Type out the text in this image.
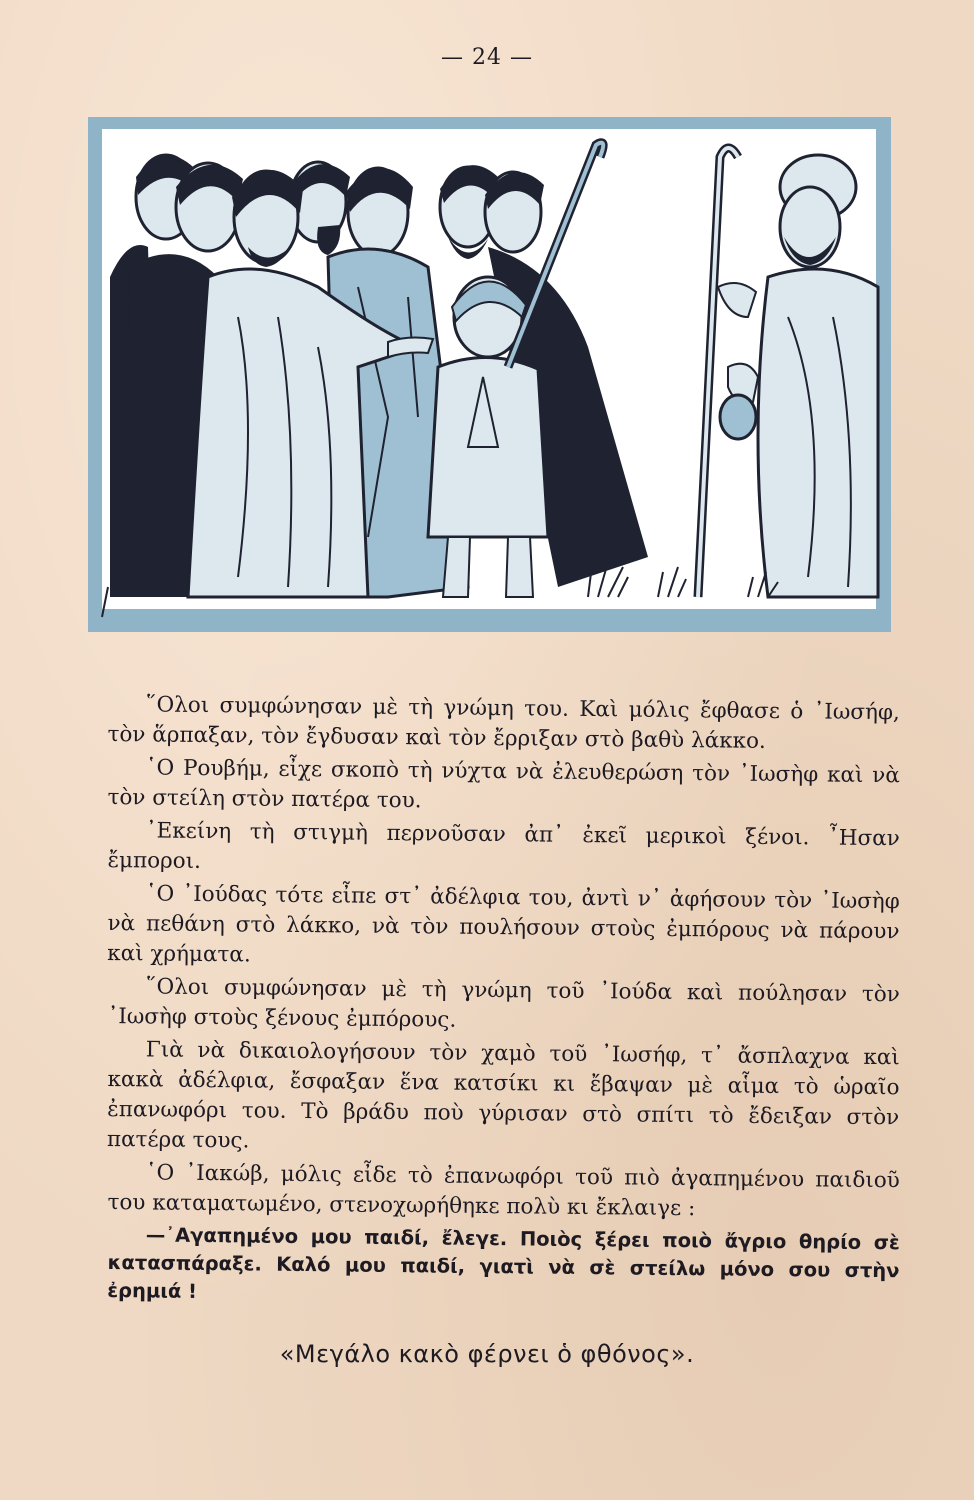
— 24 —

῞Ολοι συμφώνησαν μὲ τὴ γνώμη του. Καὶ μόλις ἔφθασε ὁ ᾿Ιωσήφ, τὸν ἅρπαξαν, τὸν ἔγδυσαν καὶ τὸν ἔρριξαν στὸ βαθὺ λάκκο.

῾Ο Ρουβήμ, εἶχε σκοπὸ τὴ νύχτα νὰ ἐλευθερώση τὸν ᾿Ιωσὴφ καὶ νὰ τὸν στείλη στὸν πατέρα του.

᾿Εκείνη τὴ στιγμὴ περνοῦσαν ἀπ᾿ ἐκεῖ μερικοὶ ξένοι. ῏Ησαν ἔμποροι.

῾Ο ᾿Ιούδας τότε εἶπε στ᾿ ἀδέλφια του, ἀντὶ ν᾿ ἀφήσουν τὸν ᾿Ιωσὴφ νὰ πεθάνη στὸ λάκκο, νὰ τὸν πουλήσουν στοὺς ἐμπόρους νὰ πάρουν καὶ χρήματα.

῞Ολοι συμφώνησαν μὲ τὴ γνώμη τοῦ ᾿Ιούδα καὶ πούλησαν τὸν ᾿Ιωσὴφ στοὺς ξένους ἐμπόρους.

Γιὰ νὰ δικαιολογήσουν τὸν χαμὸ τοῦ ᾿Ιωσήφ, τ᾿ ἄσπλαχνα καὶ κακὰ ἀδέλφια, ἔσφαξαν ἕνα κατσίκι κι ἔβαψαν μὲ αἷμα τὸ ὡραῖο ἐπανωφόρι του. Τὸ βράδυ ποὺ γύρισαν στὸ σπίτι τὸ ἔδειξαν στὸν πατέρα τους.

῾Ο ᾿Ιακώβ, μόλις εἶδε τὸ ἐπανωφόρι τοῦ πιὸ ἀγαπημένου παιδιοῦ του καταματωμένο, στενοχωρήθηκε πολὺ κι ἔκλαιγε :

—᾿Αγαπημένο μου παιδί, ἔλεγε. Ποιὸς ξέρει ποιὸ ἄγριο θηρίο σὲ κατασπάραξε. Καλό μου παιδί, γιατὶ νὰ σὲ στείλω μόνο σου στὴν ἐρημιά !

«Μεγάλο κακὸ φέρνει ὁ φθόνος».
